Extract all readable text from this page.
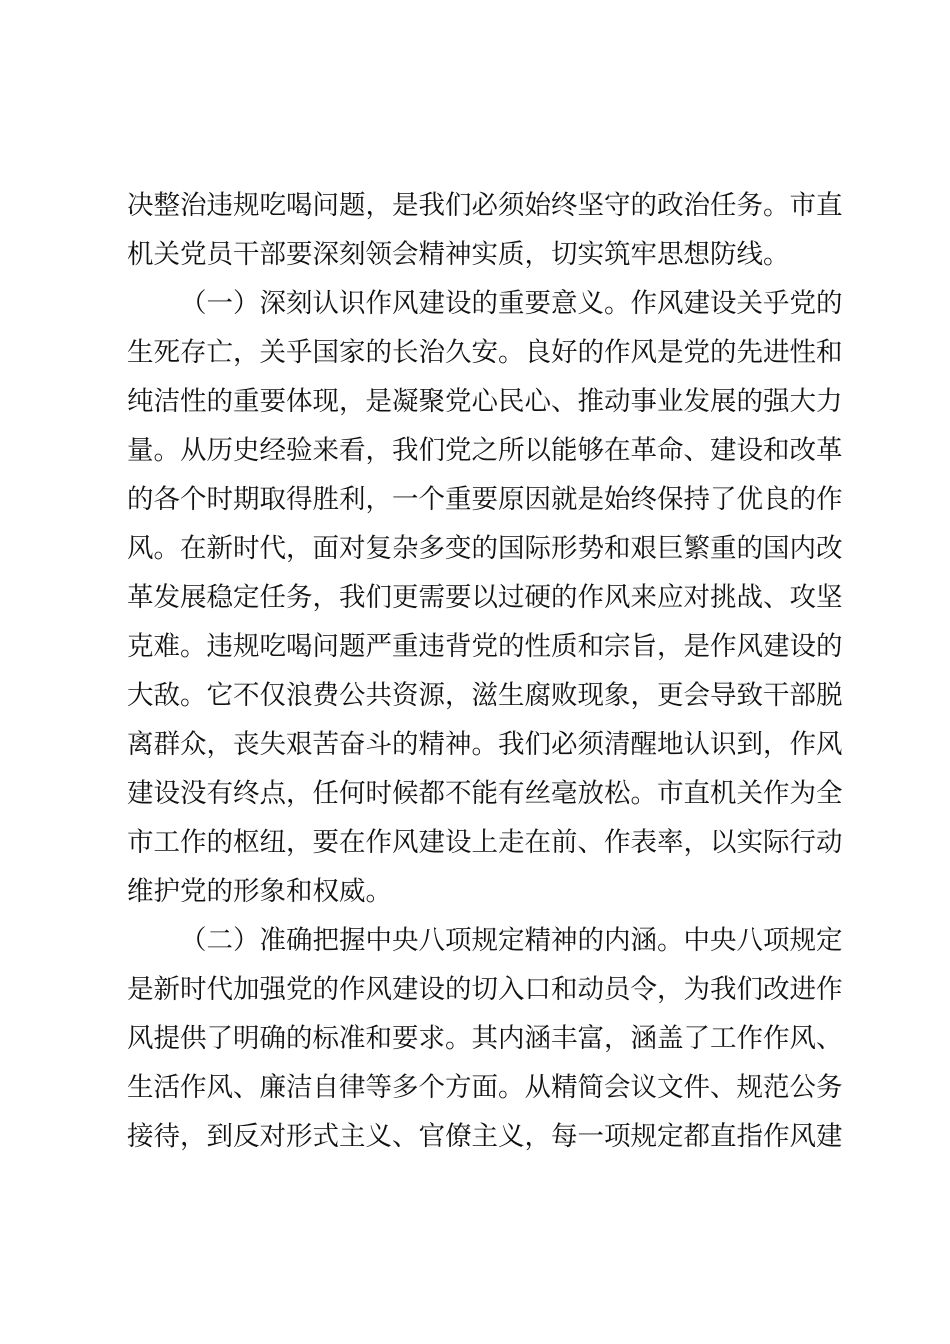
决整治违规吃喝问题，是我们必须始终坚守的政治任务。市直
机关党员干部要深刻领会精神实质，切实筑牢思想防线。
（一）深刻认识作风建设的重要意义。作风建设关乎党的
生死存亡，关乎国家的长治久安。良好的作风是党的先进性和
纯洁性的重要体现，是凝聚党心民心、推动事业发展的强大力
量。从历史经验来看，我们党之所以能够在革命、建设和改革
的各个时期取得胜利，一个重要原因就是始终保持了优良的作
风。在新时代，面对复杂多变的国际形势和艰巨繁重的国内改
革发展稳定任务，我们更需要以过硬的作风来应对挑战、攻坚
克难。违规吃喝问题严重违背党的性质和宗旨，是作风建设的
大敌。它不仅浪费公共资源，滋生腐败现象，更会导致干部脱
离群众，丧失艰苦奋斗的精神。我们必须清醒地认识到，作风
建设没有终点，任何时候都不能有丝毫放松。市直机关作为全
市工作的枢纽，要在作风建设上走在前、作表率，以实际行动
维护党的形象和权威。
（二）准确把握中央八项规定精神的内涵。中央八项规定
是新时代加强党的作风建设的切入口和动员令，为我们改进作
风提供了明确的标准和要求。其内涵丰富，涵盖了工作作风、
生活作风、廉洁自律等多个方面。从精简会议文件、规范公务
接待，到反对形式主义、官僚主义，每一项规定都直指作风建
